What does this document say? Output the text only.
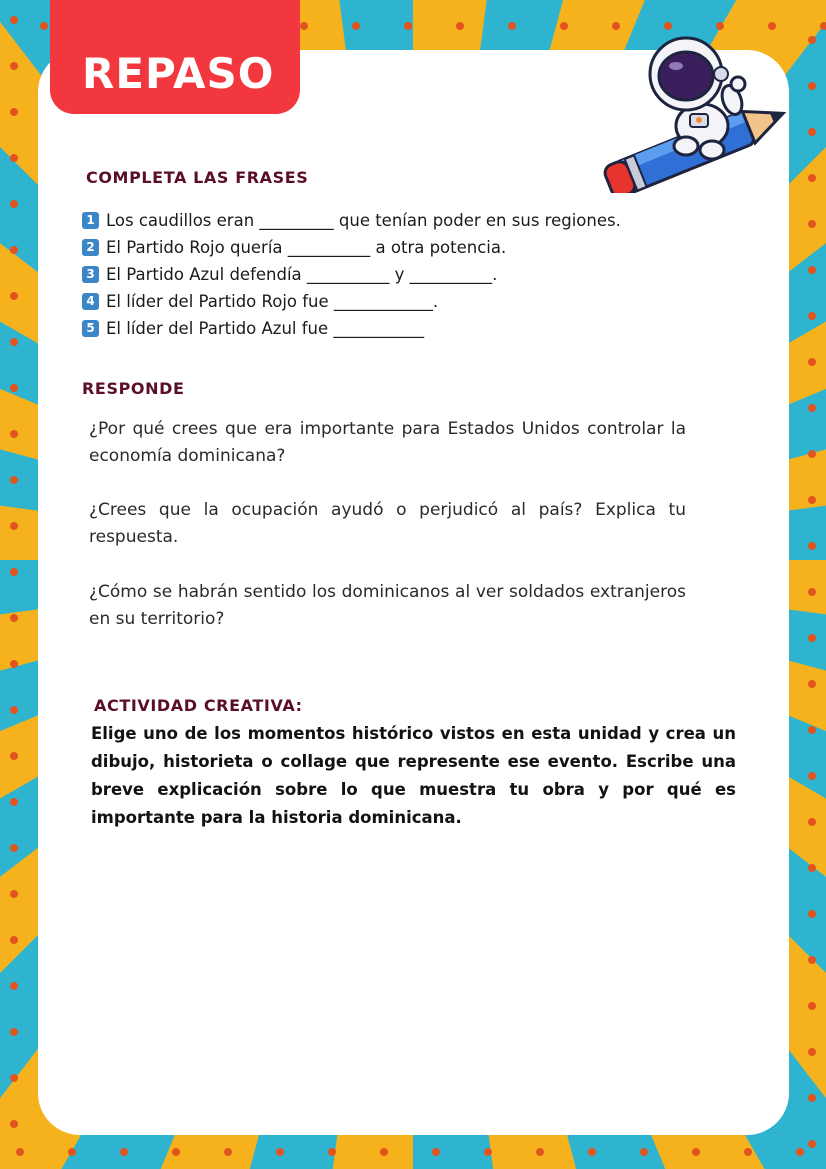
REPASO
COMPLETA LAS FRASES
1 Los caudillos eran _________ que tenían poder en sus regiones.
2 El Partido Rojo quería __________ a otra potencia.
3 El Partido Azul defendía __________ y __________.
4 El líder del Partido Rojo fue ____________.
5 El líder del Partido Azul fue ___________
RESPONDE
¿Por qué crees que era importante para Estados Unidos controlar la economía dominicana?
¿Crees que la ocupación ayudó o perjudicó al país? Explica tu respuesta.
¿Cómo se habrán sentido los dominicanos al ver soldados extranjeros en su territorio?
ACTIVIDAD CREATIVA:
Elige uno de los momentos histórico vistos en esta unidad y crea un dibujo, historieta o collage que represente ese evento. Escribe una breve explicación sobre lo que muestra tu obra y por qué es importante para la historia dominicana.
